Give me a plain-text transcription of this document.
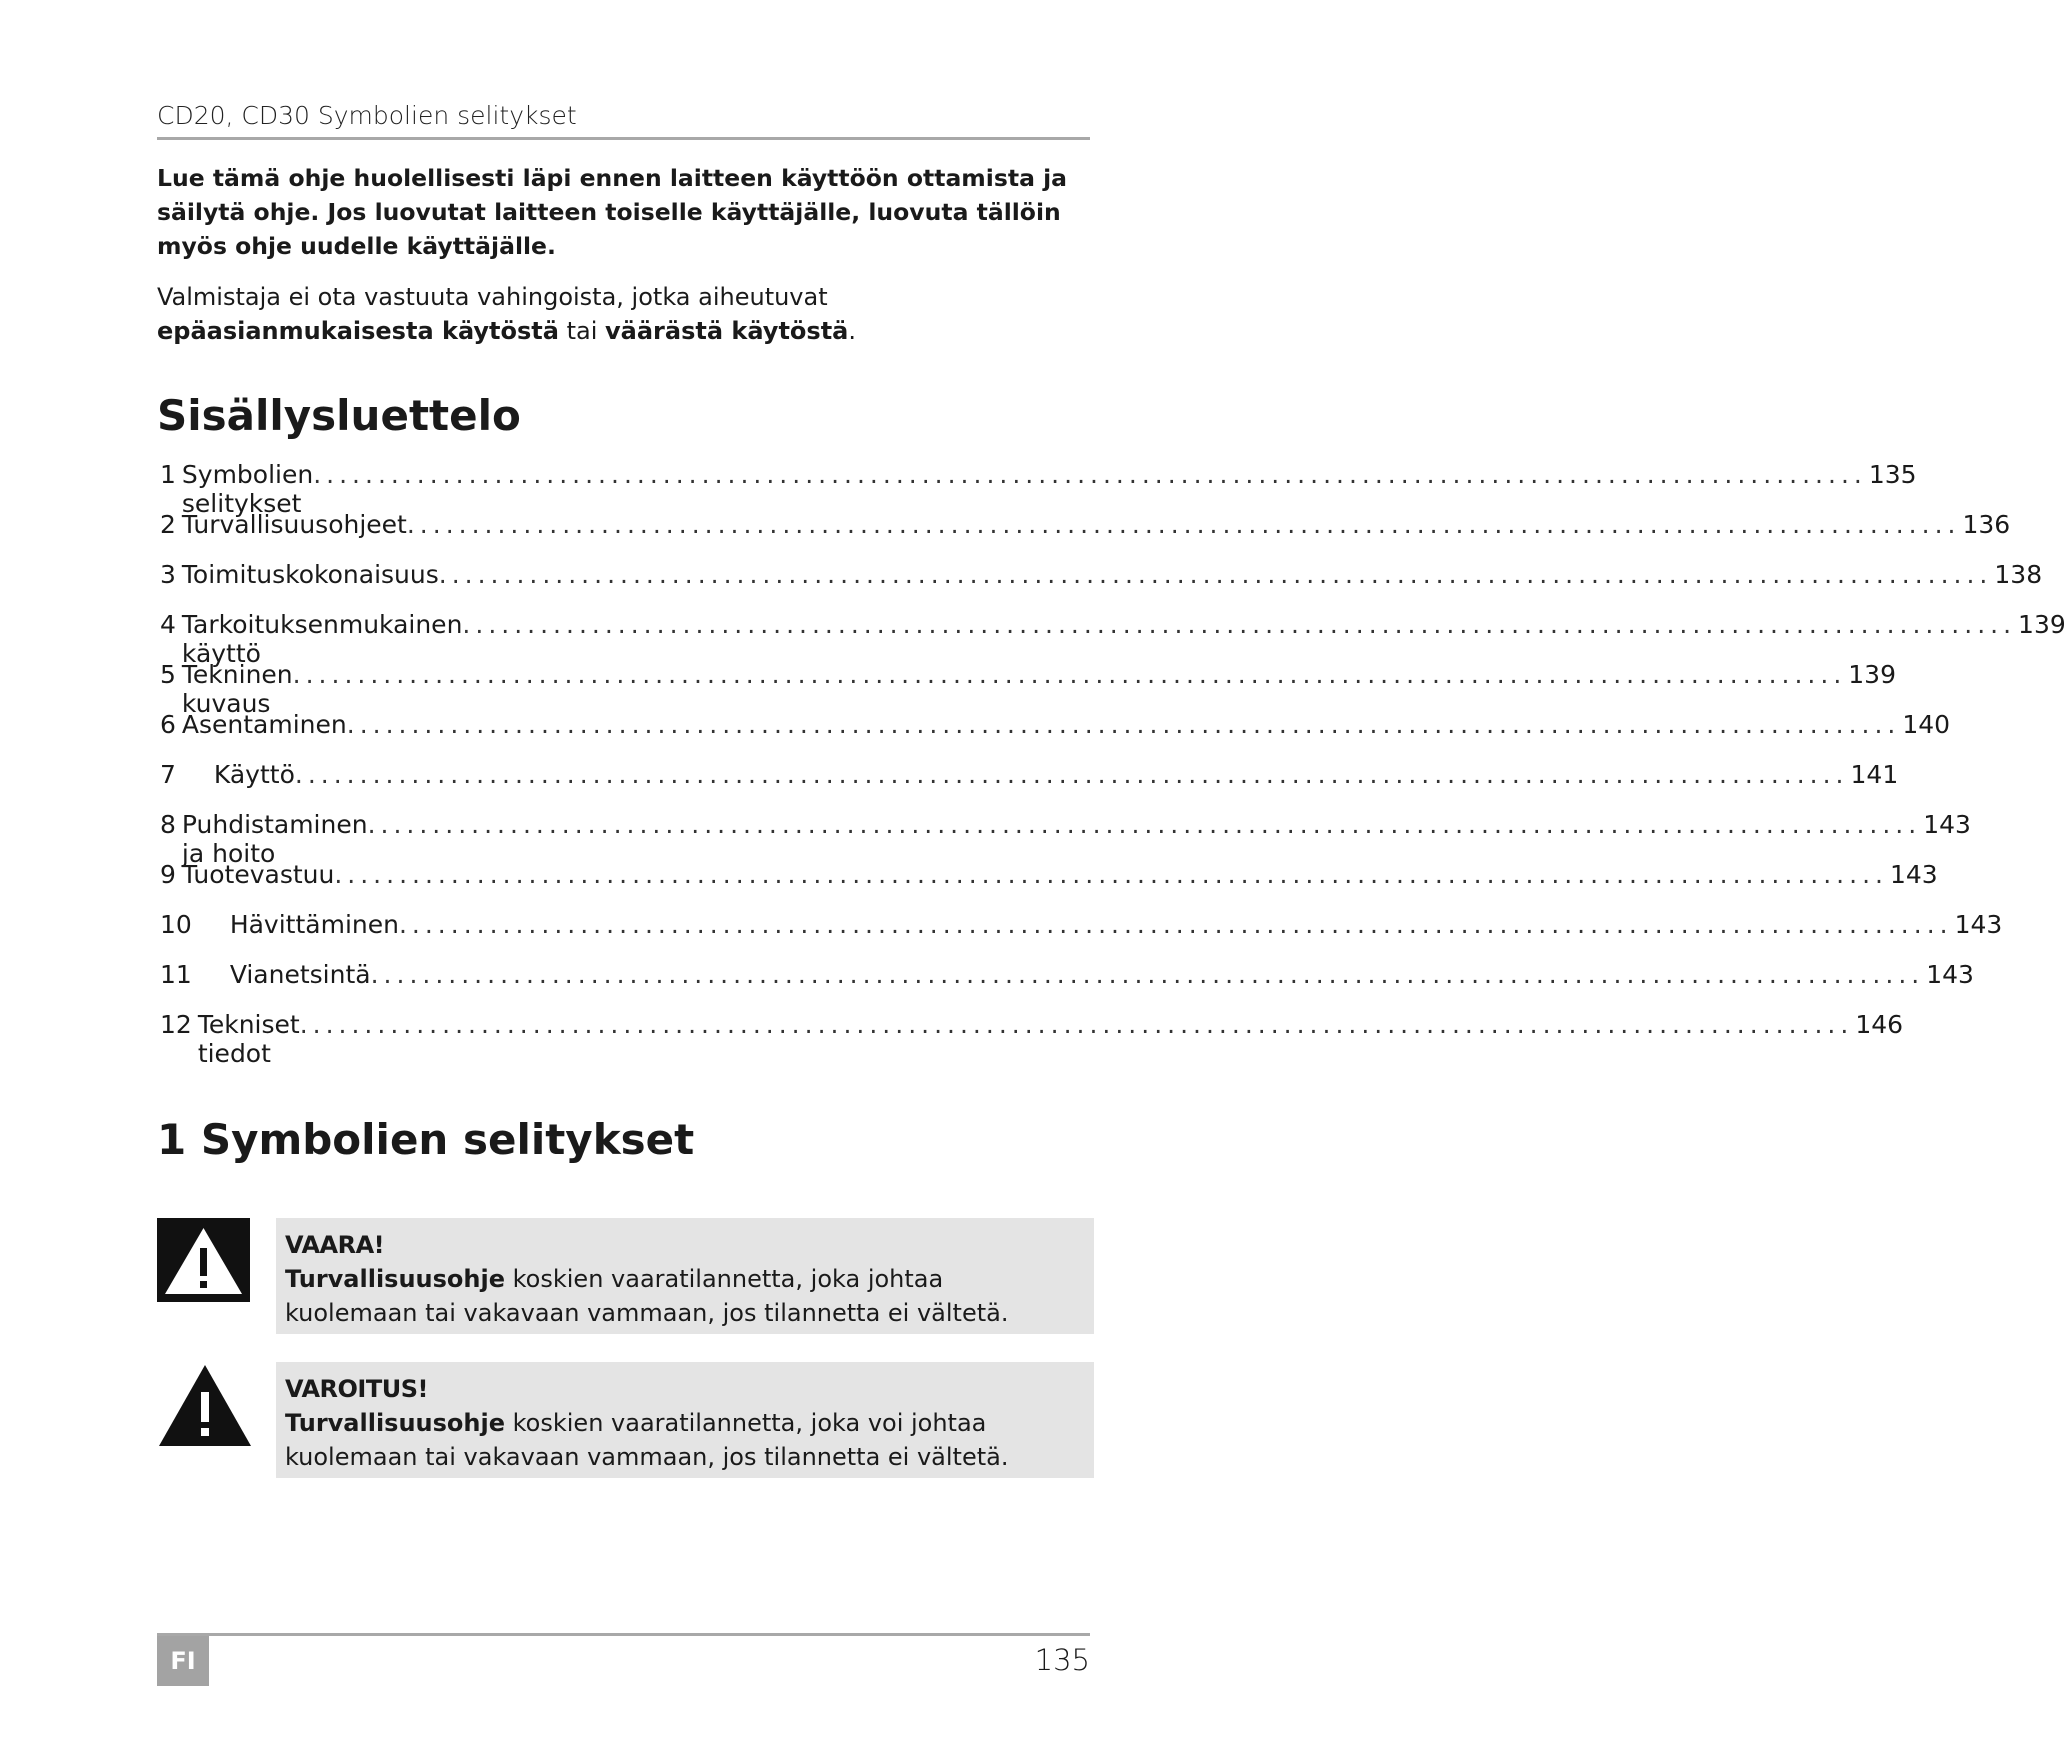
CD20, CD30 Symbolien selitykset
Lue tämä ohje huolellisesti läpi ennen laitteen käyttöön ottamista ja säilytä ohje. Jos luovutat laitteen toiselle käyttäjälle, luovuta tällöin myös ohje uudelle käyttäjälle.
Valmistaja ei ota vastuuta vahingoista, jotka aiheutuvat epäasianmukaisesta käytöstä tai väärästä käytöstä.
Sisällysluettelo
1 Symbolien selitykset
........................................................................................................................ 135
2 Turvallisuusohjeet ........................................................................................................................ 136
3 Toimituskokonaisuus ........................................................................................................................ 138
4 Tarkoituksenmukainen käyttö
........................................................................................................................ 139
5 Tekninen kuvaus
........................................................................................................................ 139
6 Asentaminen ........................................................................................................................ 140
7 Käyttö ........................................................................................................................ 141
8 Puhdistaminen ja hoito
........................................................................................................................ 143
9 Tuotevastuu ........................................................................................................................ 143
10 Hävittäminen ........................................................................................................................ 143
11 Vianetsintä ........................................................................................................................ 143
12 Tekniset tiedot
........................................................................................................................ 146
1 Symbolien selitykset
VAARA!
Turvallisuusohje koskien vaaratilannetta, joka johtaa kuolemaan tai vakavaan vammaan, jos tilannetta ei vältetä.
VAROITUS!
Turvallisuusohje koskien vaaratilannetta, joka voi johtaa kuolemaan tai vakavaan vammaan, jos tilannetta ei vältetä.
FI	135
